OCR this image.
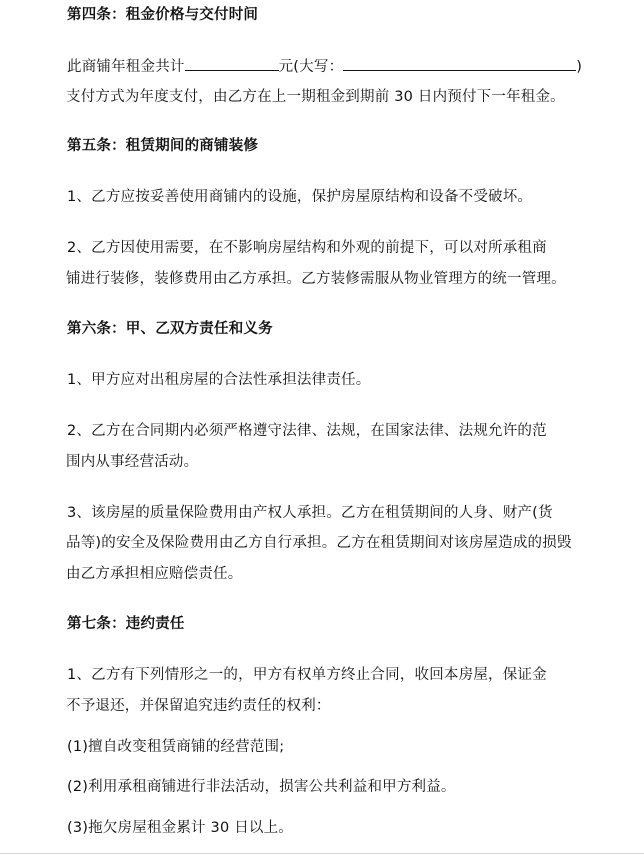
第四条：租金价格与交付时间
此商铺年租金共计	元(大写：	)
支付方式为年度支付，由乙方在上一期租金到期前 30 日内预付下一年租金。
第五条：租赁期间的商铺装修
1、乙方应按妥善使用商铺内的设施，保护房屋原结构和设备不受破坏。
2、乙方因使用需要，在不影响房屋结构和外观的前提下，可以对所承租商
铺进行装修，装修费用由乙方承担。乙方装修需服从物业管理方的统一管理。
第六条：甲、乙双方责任和义务
1、甲方应对出租房屋的合法性承担法律责任。
2、乙方在合同期内必须严格遵守法律、法规，在国家法律、法规允许的范
围内从事经营活动。
3、该房屋的质量保险费用由产权人承担。乙方在租赁期间的人身、财产(货
品等)的安全及保险费用由乙方自行承担。乙方在租赁期间对该房屋造成的损毁
由乙方承担相应赔偿责任。
第七条：违约责任
1、乙方有下列情形之一的，甲方有权单方终止合同，收回本房屋，保证金
不予退还，并保留追究违约责任的权利：
(1)擅自改变租赁商铺的经营范围;
(2)利用承租商铺进行非法活动，损害公共利益和甲方利益。
(3)拖欠房屋租金累计 30 日以上。
